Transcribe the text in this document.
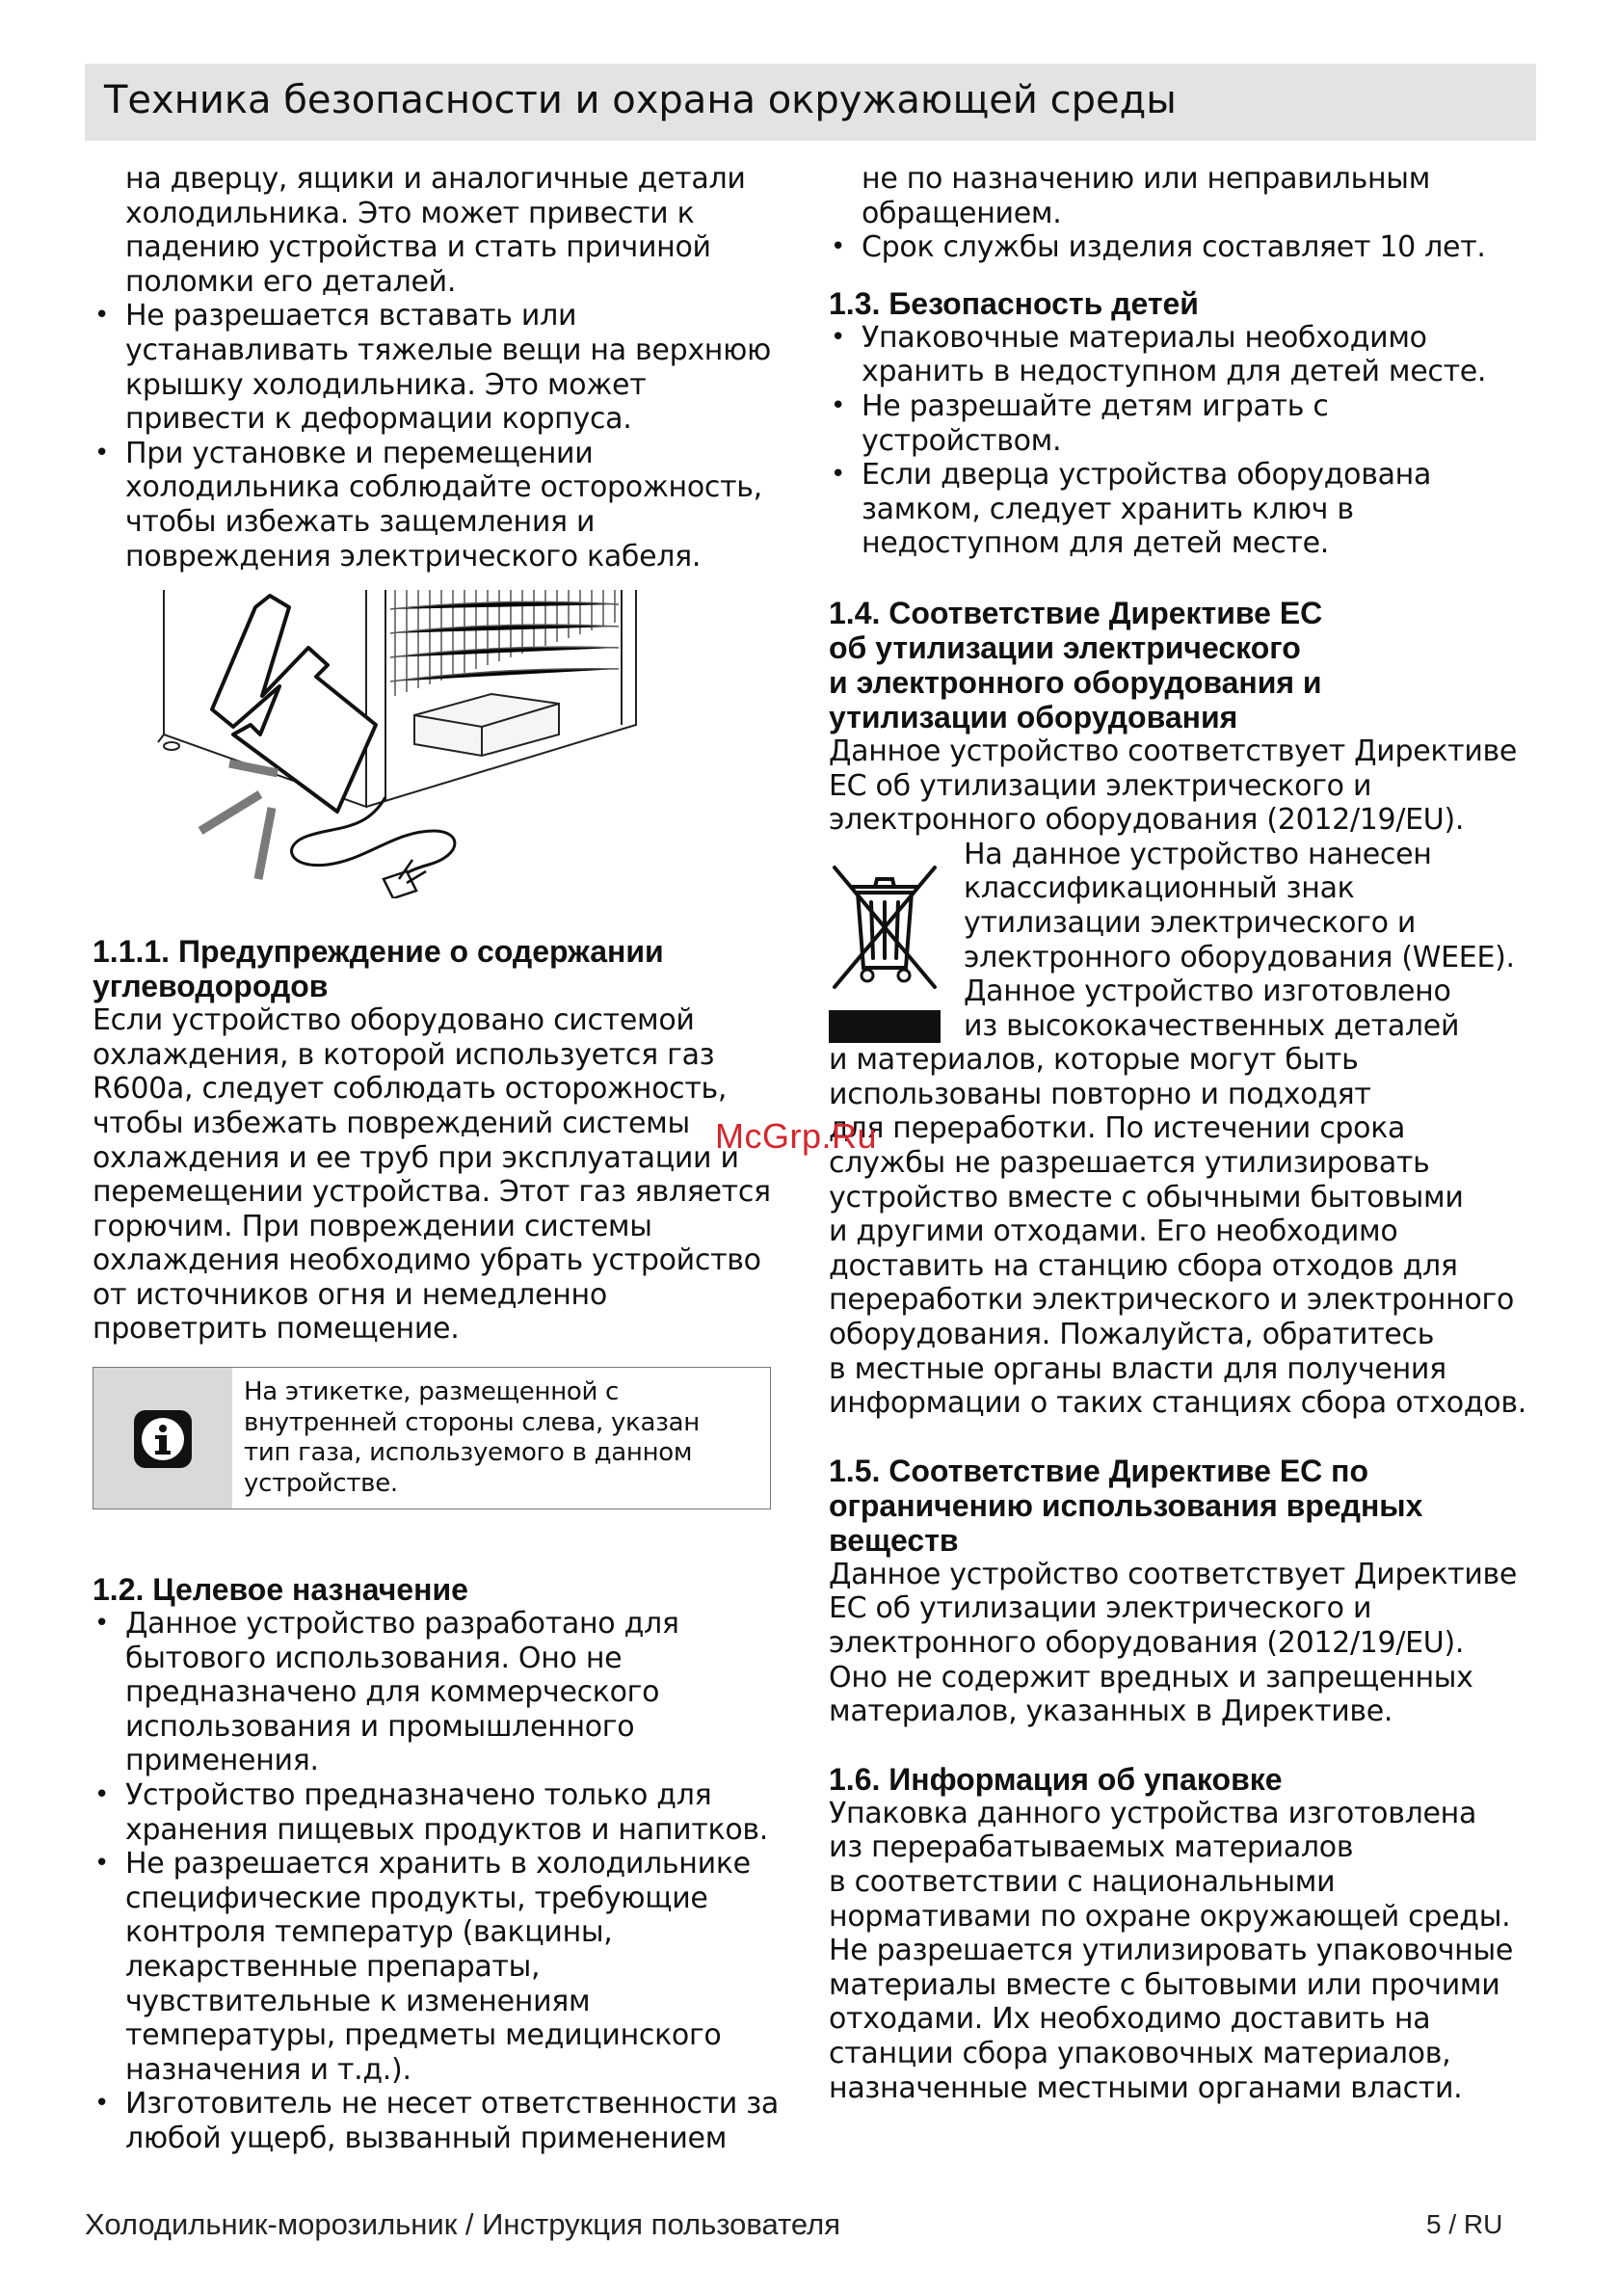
Техника безопасности и охрана окружающей среды

на дверцу, ящики и аналогичные детали
холодильника. Это может привести к
падению устройства и стать причиной
поломки его деталей.

• Не разрешается вставать или
устанавливать тяжелые вещи на верхнюю
крышку холодильника. Это может
привести к деформации корпуса.
• При установке и перемещении
холодильника соблюдайте осторожность,
чтобы избежать защемления и
повреждения электрического кабеля.
1.1.1. Предупреждение о содержании
углеводородов

Если устройство оборудовано системой
охлаждения, в которой используется газ
R600a, следует соблюдать осторожность,
чтобы избежать повреждений системы
охлаждения и ее труб при эксплуатации и
перемещении устройства. Этот газ является
горючим. При повреждении системы
охлаждения необходимо убрать устройство
от источников огня и немедленно
проветрить помещение.

1.2. Целевое назначение
• Данное устройство разработано для
бытового использования. Оно не
предназначено для коммерческого
использования и промышленного
применения.
• Устройство предназначено только для
хранения пищевых продуктов и напитков.
• Не разрешается хранить в холодильнике
специфические продукты, требующие
контроля температур (вакцины,
лекарственные препараты,
чувствительные к изменениям
температуры, предметы медицинского
назначения и т.д.).
• Изготовитель не несет ответственности за
любой ущерб, вызванный применением
На этикетке, размещенной с
внутренней стороны слева, указан
тип газа, используемого в данном
устройстве.

не по назначению или неправильным
обращением.

• Срок службы изделия составляет 10 лет.
1.3. Безопасность детей
• Упаковочные материалы необходимо
хранить в недоступном для детей месте.
• Не разрешайте детям играть с
устройством.
• Если дверца устройства оборудована
замком, следует хранить ключ в
недоступном для детей месте.
1.4. Соответствие Директиве ЕС
об утилизации электрического
и электронного оборудования и
утилизации оборудования

Данное устройство соответствует Директиве
ЕС об утилизации электрического и
электронного оборудования (2012/19/EU).

На данное устройство нанесен
классификационный знак
утилизации электрического и
электронного оборудования (WEEE).
Данное устройство изготовлено
из высококачественных деталей

и материалов, которые могут быть
использованы повторно и подходят
для переработки. По истечении срока
службы не разрешается утилизировать
устройство вместе с обычными бытовыми
и другими отходами. Его необходимо
доставить на станцию сбора отходов для
переработки электрического и электронного
оборудования. Пожалуйста, обратитесь
в местные органы власти для получения
информации о таких станциях сбора отходов.

1.5. Соответствие Директиве ЕС по
ограничению использования вредных
веществ

Данное устройство соответствует Директиве
ЕС об утилизации электрического и
электронного оборудования (2012/19/EU).
Оно не содержит вредных и запрещенных
материалов, указанных в Директиве.

1.6. Информация об упаковке

Упаковка данного устройства изготовлена
из перерабатываемых материалов
в соответствии с национальными
нормативами по охране окружающей среды.
Не разрешается утилизировать упаковочные
материалы вместе с бытовыми или прочими
отходами. Их необходимо доставить на
станции сбора упаковочных материалов,
назначенные местными органами власти.

McGrp.Ru
Холодильник-морозильник / Инструкция пользователя	5 / RU
